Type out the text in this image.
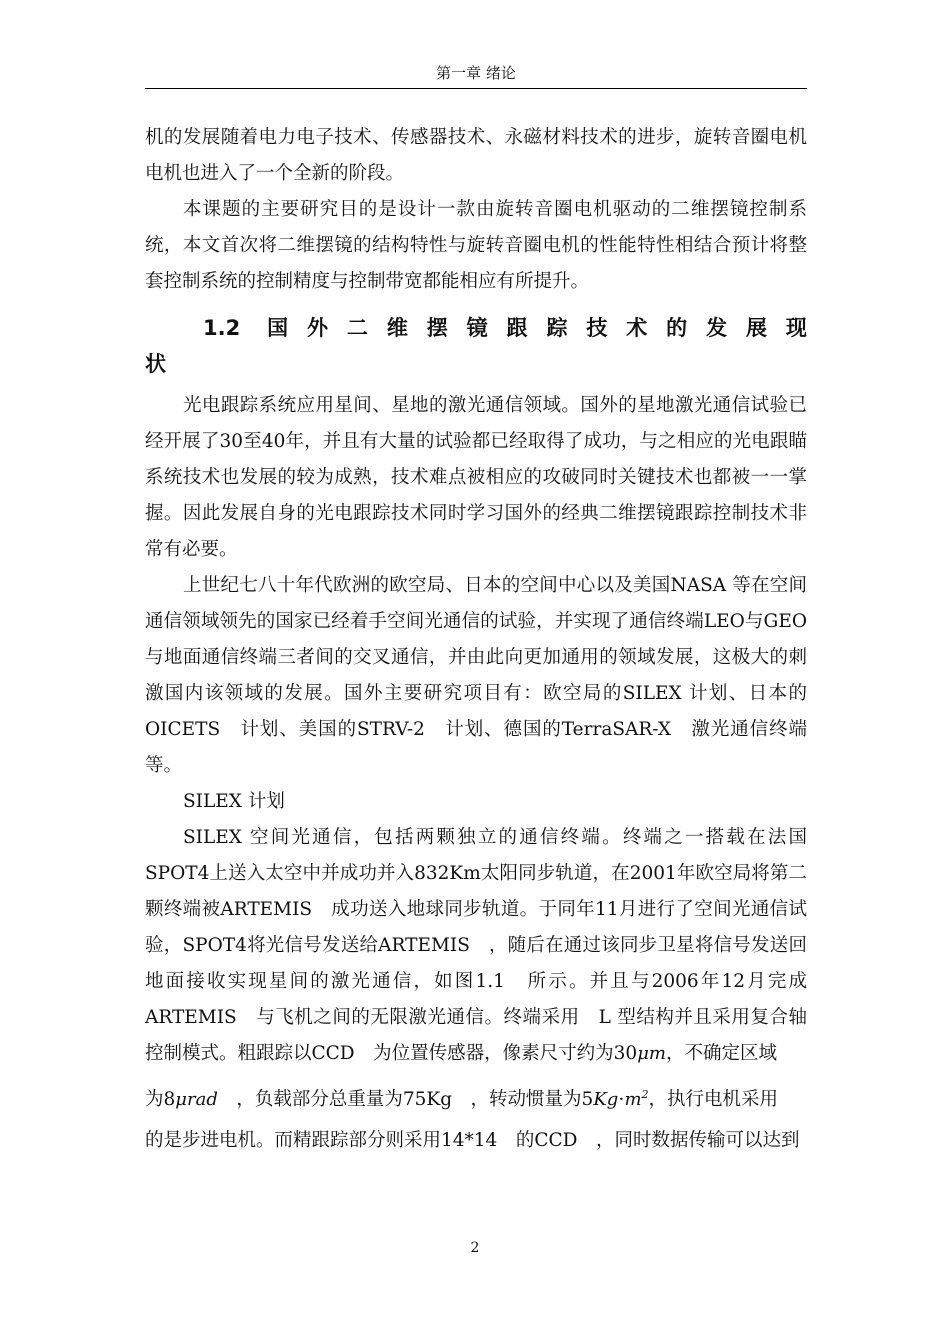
第一章 绪论

机的发展随着电力电子技术、传感器技术、永磁材料技术的进步，旋转音圈电机电机也进入了一个全新的阶段。

本课题的主要研究目的是设计一款由旋转音圈电机驱动的二维摆镜控制系统，本文首次将二维摆镜的结构特性与旋转音圈电机的性能特性相结合预计将整套控制系统的控制精度与控制带宽都能相应有所提升。

1.2 国 外 二 维 摆 镜 跟 踪 技 术 的 发 展 现
状

光电跟踪系统应用星间、星地的激光通信领域。国外的星地激光通信试验已经开展了30至40年，并且有大量的试验都已经取得了成功，与之相应的光电跟瞄系统技术也发展的较为成熟，技术难点被相应的攻破同时关键技术也都被一一掌握。因此发展自身的光电跟踪技术同时学习国外的经典二维摆镜跟踪控制技术非常有必要。

上世纪七八十年代欧洲的欧空局、日本的空间中心以及美国NASA 等在空间通信领域领先的国家已经着手空间光通信的试验，并实现了通信终端LEO与GEO　与地面通信终端三者间的交叉通信，并由此向更加通用的领域发展，这极大的刺激国内该领域的发展。国外主要研究项目有：欧空局的SILEX 计划、日本的OICETS　计划、美国的STRV-2　计划、德国的TerraSAR-X　激光通信终端等。

SILEX 计划

SILEX 空间光通信，包括两颗独立的通信终端。终端之一搭载在法国SPOT4上送入太空中并成功并入832Km太阳同步轨道，在2001年欧空局将第二颗终端被ARTEMIS　成功送入地球同步轨道。于同年11月进行了空间光通信试验，SPOT4将光信号发送给ARTEMIS　，随后在通过该同步卫星将信号发送回地面接收实现星间的激光通信，如图1.1　所示。并且与2006年12月完成ARTEMIS　与飞机之间的无限激光通信。终端采用　L 型结构并且采用复合轴控制模式。粗跟踪以CCD　为位置传感器，像素尺寸约为30μm，不确定区域

为8μrad　，负载部分总重量为75Kg　，转动惯量为$5Kg\cdot m^2$，执行电机采用

的是步进电机。而精跟踪部分则采用14*14　的CCD　，同时数据传输可以达到

2
